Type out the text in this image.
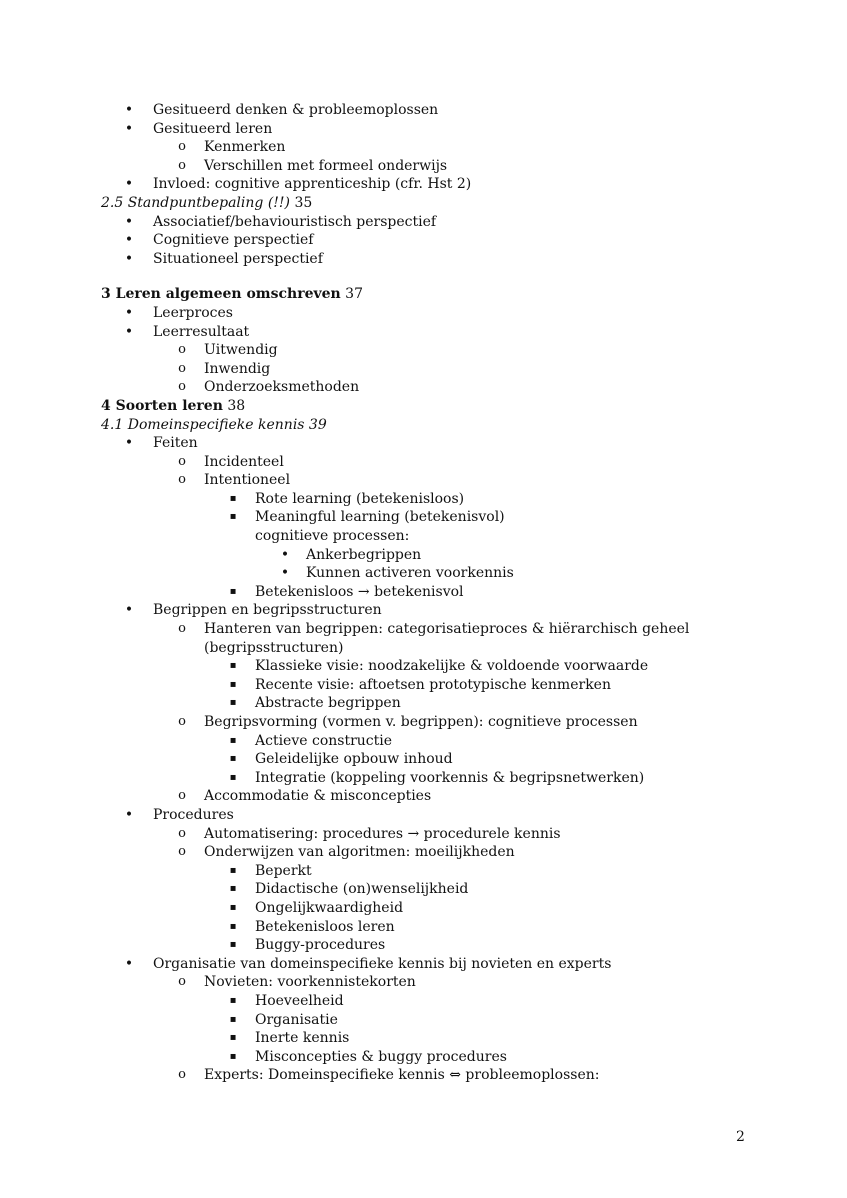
• Gesitueerd denken & probleemoplossen
• Gesitueerd leren
o Kenmerken
o Verschillen met formeel onderwijs
• Invloed: cognitive apprenticeship (cfr. Hst 2)
2.5 Standpuntbepaling (!!) 35
• Associatief/behaviouristisch perspectief
• Cognitieve perspectief
• Situationeel perspectief
3 Leren algemeen omschreven 37
• Leerproces
• Leerresultaat
o Uitwendig
o Inwendig
o Onderzoeksmethoden
4 Soorten leren 38
4.1 Domeinspecifieke kennis 39
• Feiten
o Incidenteel
o Intentioneel
▪ Rote learning (betekenisloos)
▪ Meaningful learning (betekenisvol)
cognitieve processen:
• Ankerbegrippen
• Kunnen activeren voorkennis
▪ Betekenisloos → betekenisvol
• Begrippen en begripsstructuren
o Hanteren van begrippen: categorisatieproces & hiërarchisch geheel
(begripsstructuren)
▪ Klassieke visie: noodzakelijke & voldoende voorwaarde
▪ Recente visie: aftoetsen prototypische kenmerken
▪ Abstracte begrippen
o Begripsvorming (vormen v. begrippen): cognitieve processen
▪ Actieve constructie
▪ Geleidelijke opbouw inhoud
▪ Integratie (koppeling voorkennis & begripsnetwerken)
o Accommodatie & misconcepties
• Procedures
o Automatisering: procedures → procedurele kennis
o Onderwijzen van algoritmen: moeilijkheden
▪ Beperkt
▪ Didactische (on)wenselijkheid
▪ Ongelijkwaardigheid
▪ Betekenisloos leren
▪ Buggy-procedures
• Organisatie van domeinspecifieke kennis bij novieten en experts
o Novieten: voorkennistekorten
▪ Hoeveelheid
▪ Organisatie
▪ Inerte kennis
▪ Misconcepties & buggy procedures
o Experts: Domeinspecifieke kennis ⇔ probleemoplossen:
2
